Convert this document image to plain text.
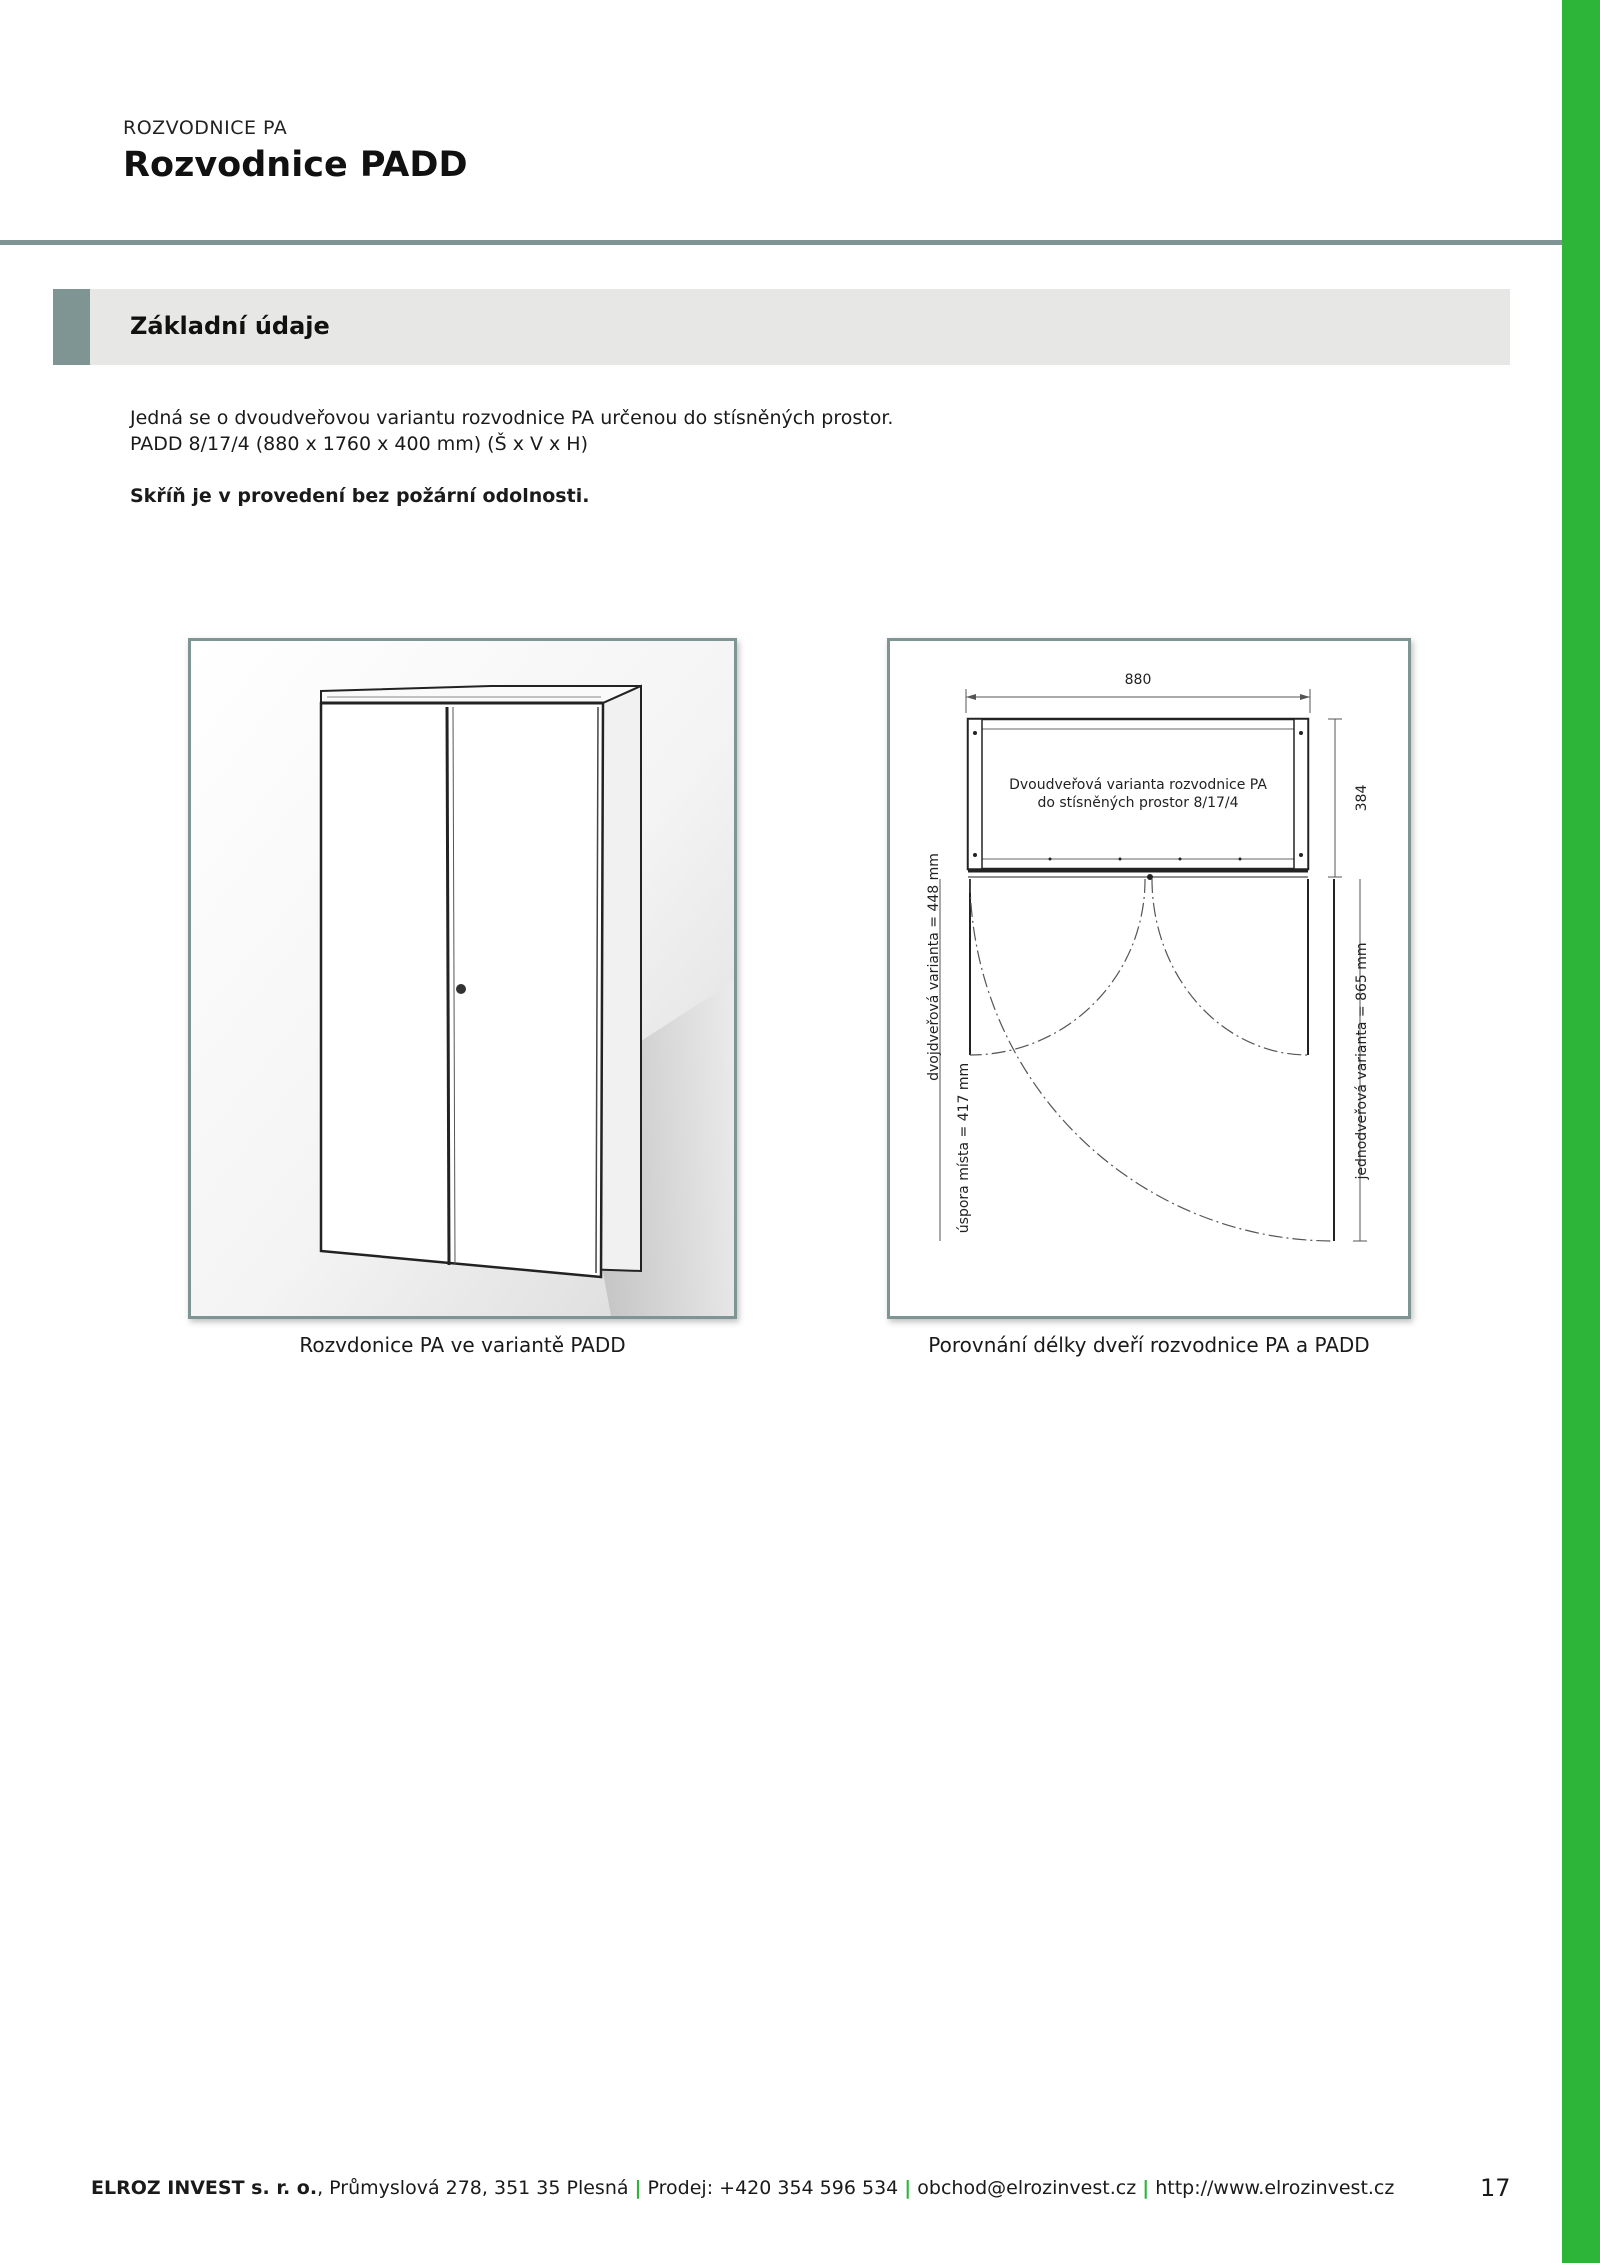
ROZVODNICE PA
Rozvodnice PADD
Základní údaje
Jedná se o dvoudveřovou variantu rozvodnice PA určenou do stísněných prostor.
PADD 8/17/4 (880 x 1760 x 400 mm) (Š x V x H)
Skříň je v provedení bez požární odolnosti.
Rozvdonice PA ve variantě PADD
880
Dvoudveřová varianta rozvodnice PA
do stísněných prostor 8/17/4	384
dvojdveřová varianta = 448 mm
úspora místa = 417 mm	jednodveřová varianta = 865 mm
Porovnání délky dveří rozvodnice PA a PADD
ELROZ INVEST s. r. o., Průmyslová 278, 351 35 Plesná | Prodej: +420 354 596 534 | obchod@elrozinvest.cz | http://www.elrozinvest.cz	17
